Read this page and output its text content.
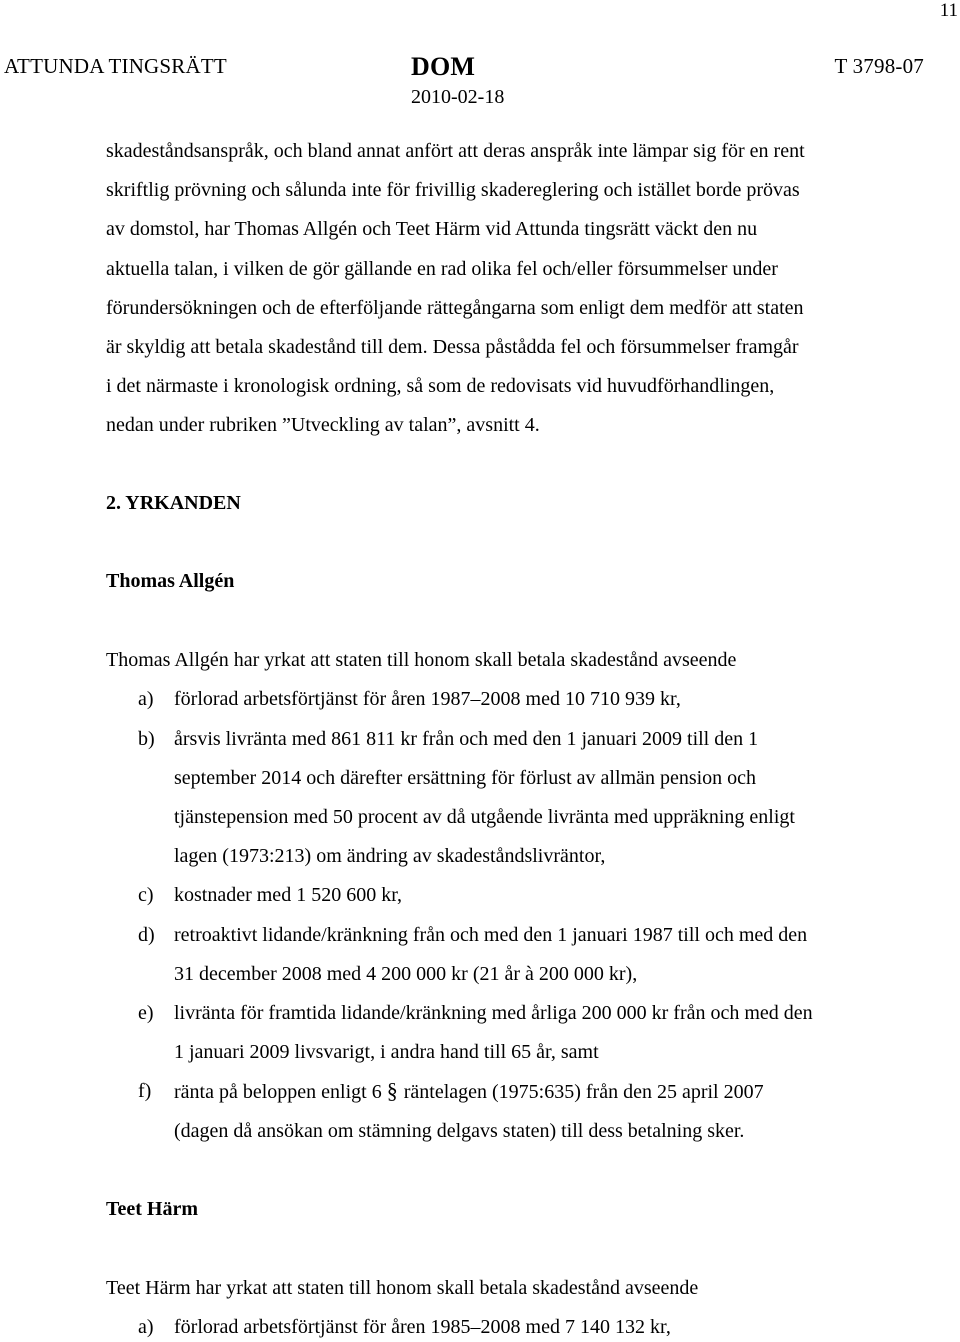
11
ATTUNDA TINGSRÄTT	DOM	T 3798-07
2010-02-18
skadeståndsanspråk, och bland annat anfört att deras anspråk inte lämpar sig för en rent
skriftlig prövning och sålunda inte för frivillig skadereglering och istället borde prövas
av domstol, har Thomas Allgén och Teet Härm vid Attunda tingsrätt väckt den nu
aktuella talan, i vilken de gör gällande en rad olika fel och/eller försummelser under
förundersökningen och de efterföljande rättegångarna som enligt dem medför att staten
är skyldig att betala skadestånd till dem. Dessa påstådda fel och försummelser framgår
i det närmaste i kronologisk ordning, så som de redovisats vid huvudförhandlingen,
nedan under rubriken ”Utveckling av talan”, avsnitt 4.
2. YRKANDEN
Thomas Allgén
Thomas Allgén har yrkat att staten till honom skall betala skadestånd avseende
a) förlorad arbetsförtjänst för åren 1987–2008 med 10 710 939 kr,
b) årsvis livränta med 861 811 kr från och med den 1 januari 2009 till den 1
september 2014 och därefter ersättning för förlust av allmän pension och
tjänstepension med 50 procent av då utgående livränta med uppräkning enligt
lagen (1973:213) om ändring av skadeståndslivräntor,
c) kostnader med 1 520 600 kr,
d) retroaktivt lidande/kränkning från och med den 1 januari 1987 till och med den
31 december 2008 med 4 200 000 kr (21 år à 200 000 kr),
e) livränta för framtida lidande/kränkning med årliga 200 000 kr från och med den
1 januari 2009 livsvarigt, i andra hand till 65 år, samt
f) ränta på beloppen enligt 6 § räntelagen (1975:635) från den 25 april 2007
(dagen då ansökan om stämning delgavs staten) till dess betalning sker.
Teet Härm
Teet Härm har yrkat att staten till honom skall betala skadestånd avseende
a) förlorad arbetsförtjänst för åren 1985–2008 med 7 140 132 kr,
